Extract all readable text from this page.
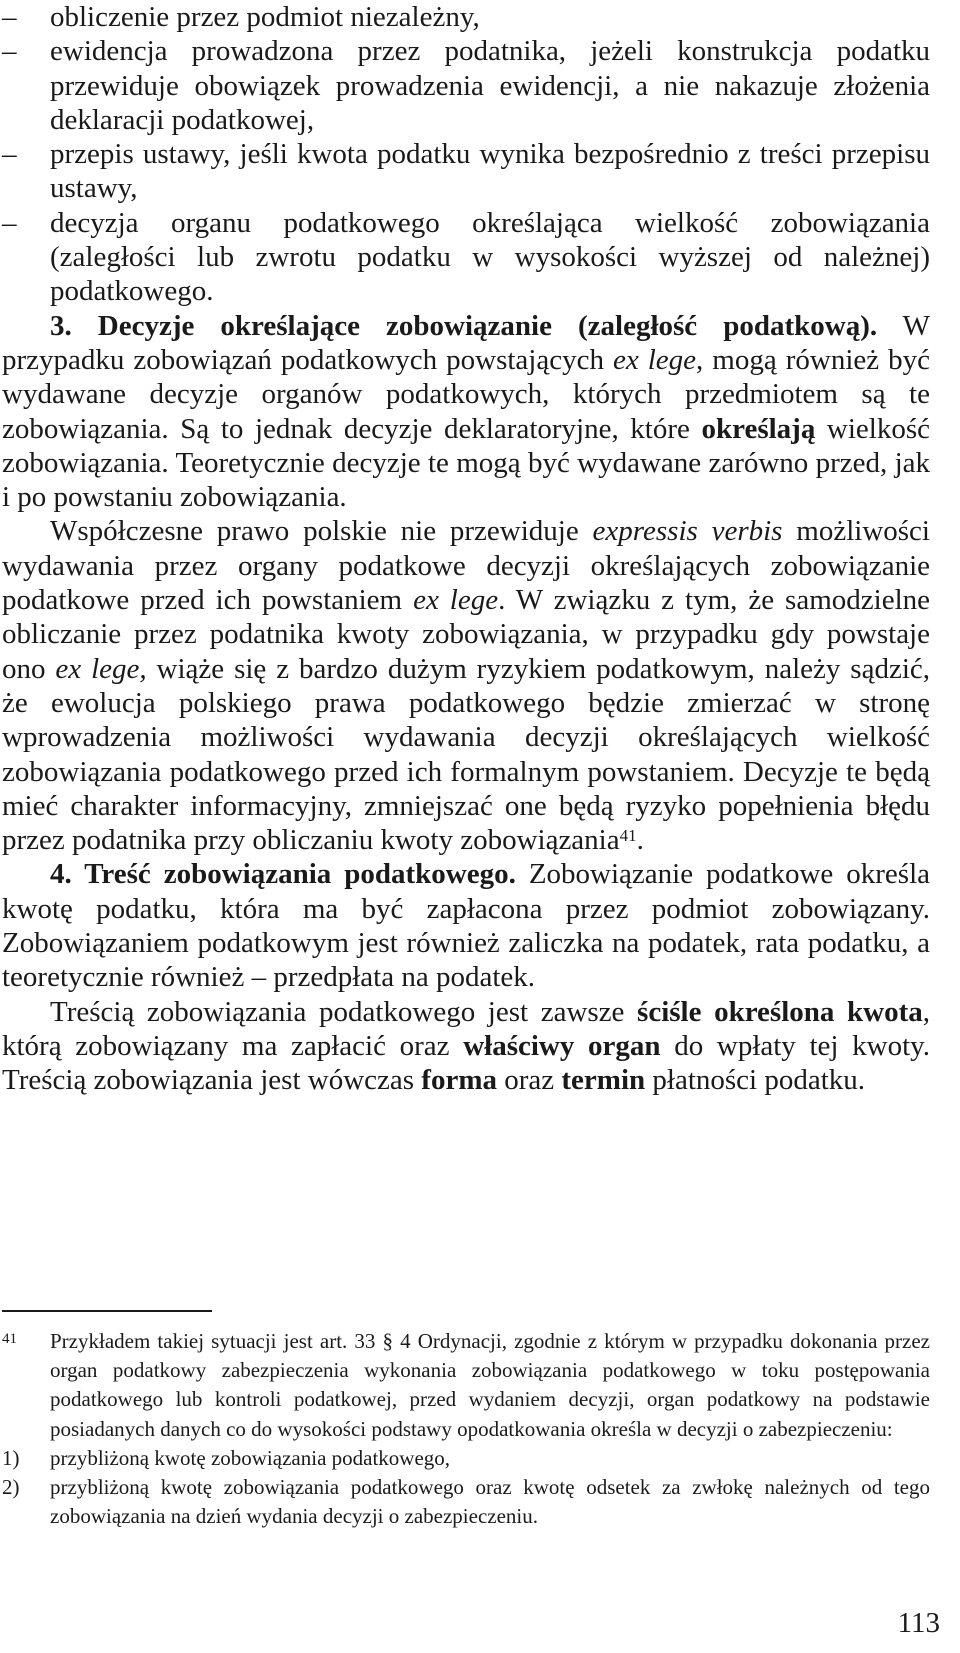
– obliczenie przez podmiot niezależny,
– ewidencja prowadzona przez podatnika, jeżeli konstrukcja podatku przewiduje obowiązek prowadzenia ewidencji, a nie nakazuje złożenia deklaracji podatkowej,
– przepis ustawy, jeśli kwota podatku wynika bezpośrednio z treści przepisu ustawy,
– decyzja organu podatkowego określająca wielkość zobowiązania (zaległości lub zwrotu podatku w wysokości wyższej od należnej) podatkowego.

3. Decyzje określające zobowiązanie (zaległość podatkową). W przypadku zobowiązań podatkowych powstających ex lege, mogą również być wydawane decyzje organów podatkowych, których przedmiotem są te zobowiązania. Są to jednak decyzje deklaratoryjne, które określają wielkość zobowiązania. Teoretycznie decyzje te mogą być wydawane zarówno przed, jak i po powstaniu zobowiązania.

Współczesne prawo polskie nie przewiduje expressis verbis możliwości wydawania przez organy podatkowe decyzji określających zobowiązanie podatkowe przed ich powstaniem ex lege. W związku z tym, że samodzielne obliczanie przez podatnika kwoty zobowiązania, w przypadku gdy powstaje ono ex lege, wiąże się z bardzo dużym ryzykiem podatkowym, należy sądzić, że ewolucja polskiego prawa podatkowego będzie zmierzać w stronę wprowadzenia możliwości wydawania decyzji określających wielkość zobowiązania podatkowego przed ich formalnym powstaniem. Decyzje te będą mieć charakter informacyjny, zmniejszać one będą ryzyko popełnienia błędu przez podatnika przy obliczaniu kwoty zobowiązania$^{41}$.

4. Treść zobowiązania podatkowego. Zobowiązanie podatkowe określa kwotę podatku, która ma być zapłacona przez podmiot zobowiązany. Zobowiązaniem podatkowym jest również zaliczka na podatek, rata podatku, a teoretycznie również – przedpłata na podatek.

Treścią zobowiązania podatkowego jest zawsze ściśle określona kwota, którą zobowiązany ma zapłacić oraz właściwy organ do wpłaty tej kwoty. Treścią zobowiązania jest wówczas forma oraz termin płatności podatku.

41 Przykładem takiej sytuacji jest art. 33 § 4 Ordynacji, zgodnie z którym w przypadku dokonania przez organ podatkowy zabezpieczenia wykonania zobowiązania podatkowego w toku postępowania podatkowego lub kontroli podatkowej, przed wydaniem decyzji, organ podatkowy na podstawie posiadanych danych co do wysokości podstawy opodatkowania określa w decyzji o zabezpieczeniu:
1) przybliżoną kwotę zobowiązania podatkowego,
2) przybliżoną kwotę zobowiązania podatkowego oraz kwotę odsetek za zwłokę należnych od tego zobowiązania na dzień wydania decyzji o zabezpieczeniu.
113
